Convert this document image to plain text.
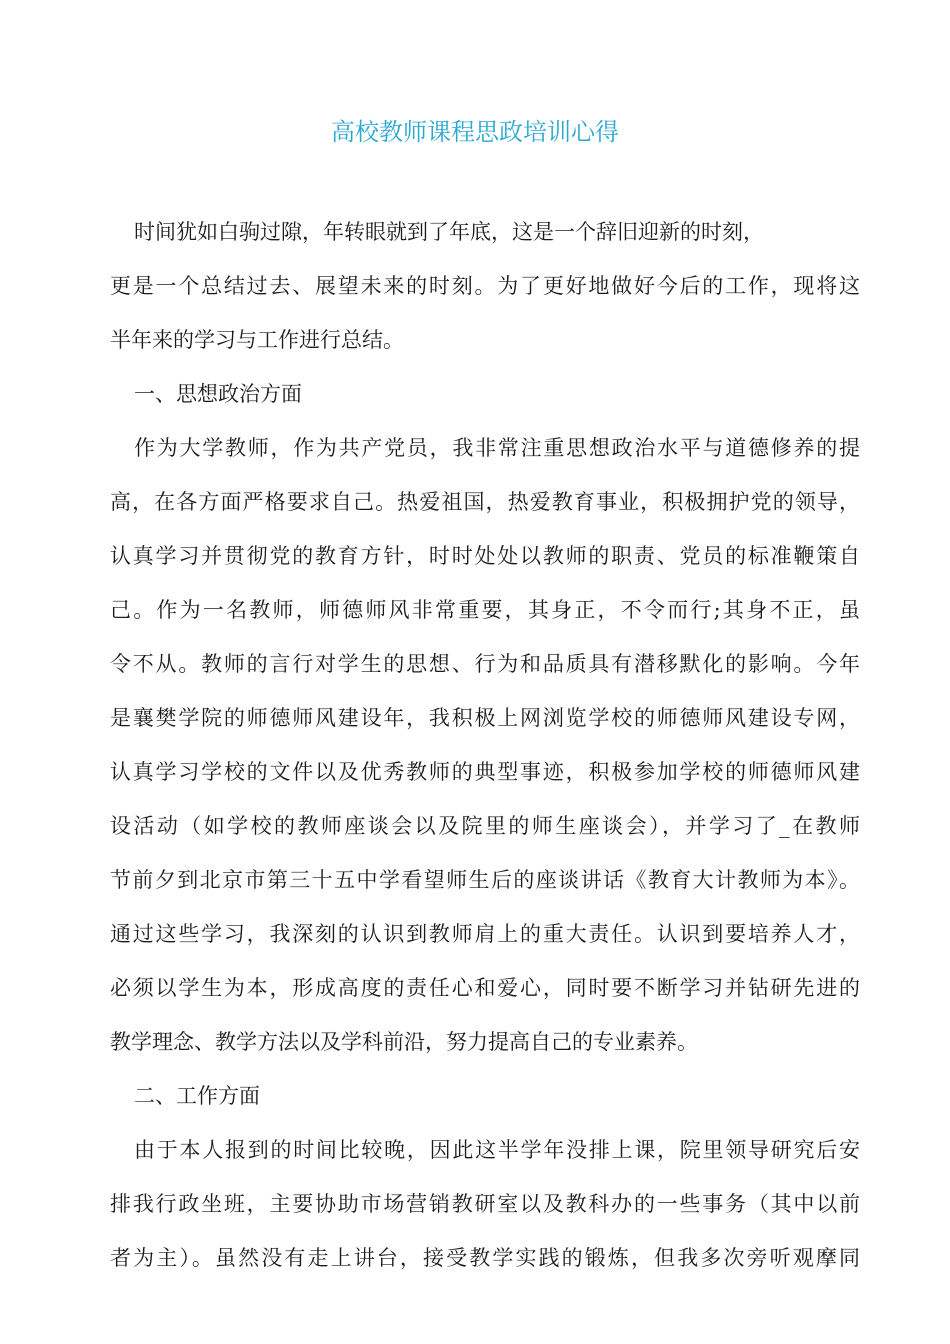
高校教师课程思政培训心得
时间犹如白驹过隙，年转眼就到了年底，这是一个辞旧迎新的时刻，
更是一个总结过去、展望未来的时刻。为了更好地做好今后的工作，现将这
半年来的学习与工作进行总结。
一、思想政治方面
作为大学教师，作为共产党员，我非常注重思想政治水平与道德修养的提
高，在各方面严格要求自己。热爱祖国，热爱教育事业，积极拥护党的领导，
认真学习并贯彻党的教育方针，时时处处以教师的职责、党员的标准鞭策自
己。作为一名教师，师德师风非常重要，其身正，不令而行;其身不正，虽
令不从。教师的言行对学生的思想、行为和品质具有潜移默化的影响。今年
是襄樊学院的师德师风建设年，我积极上网浏览学校的师德师风建设专网，
认真学习学校的文件以及优秀教师的典型事迹，积极参加学校的师德师风建
设活动（如学校的教师座谈会以及院里的师生座谈会），并学习了_在教师
节前夕到北京市第三十五中学看望师生后的座谈讲话《教育大计教师为本》。
通过这些学习，我深刻的认识到教师肩上的重大责任。认识到要培养人才，
必须以学生为本，形成高度的责任心和爱心，同时要不断学习并钻研先进的
教学理念、教学方法以及学科前沿，努力提高自己的专业素养。
二、工作方面
由于本人报到的时间比较晚，因此这半学年没排上课，院里领导研究后安
排我行政坐班，主要协助市场营销教研室以及教科办的一些事务（其中以前
者为主）。虽然没有走上讲台，接受教学实践的锻炼，但我多次旁听观摩同
